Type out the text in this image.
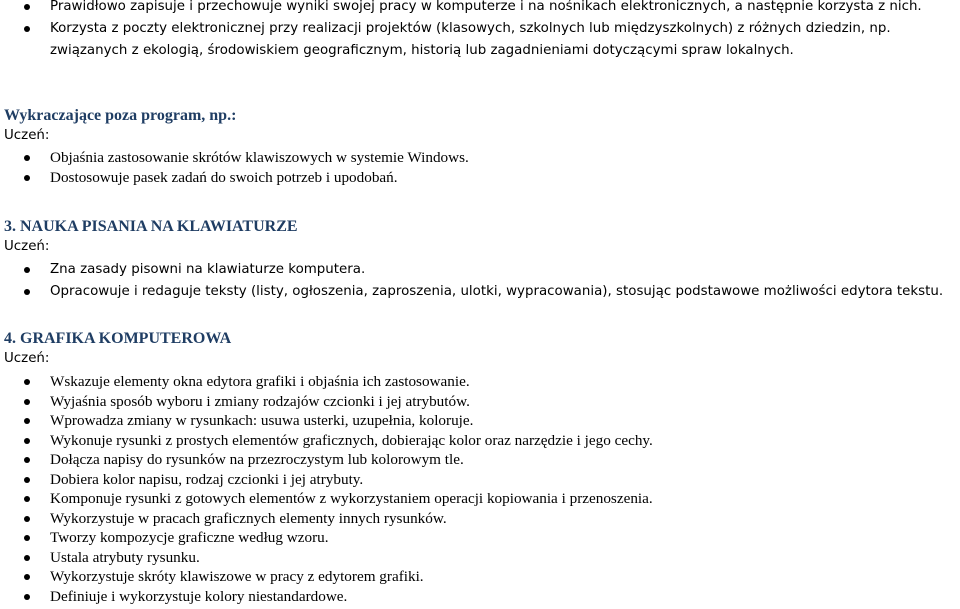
Prawidłowo zapisuje i przechowuje wyniki swojej pracy w komputerze i na nośnikach elektronicznych, a następnie korzysta z nich.
Korzysta z poczty elektronicznej przy realizacji projektów (klasowych, szkolnych lub międzyszkolnych) z różnych dziedzin, np. związanych z ekologią, środowiskiem geograficznym, historią lub zagadnieniami dotyczącymi spraw lokalnych.
Wykraczające poza program, np.:
Uczeń:
Objaśnia zastosowanie skrótów klawiszowych w systemie Windows.
Dostosowuje pasek zadań do swoich potrzeb i upodobań.
3. NAUKA PISANIA NA KLAWIATURZE
Uczeń:
Zna zasady pisowni na klawiaturze komputera.
Opracowuje i redaguje teksty (listy, ogłoszenia, zaproszenia, ulotki, wypracowania), stosując podstawowe możliwości edytora tekstu.
4. GRAFIKA KOMPUTEROWA
Uczeń:
Wskazuje elementy okna edytora grafiki i objaśnia ich zastosowanie.
Wyjaśnia sposób wyboru i zmiany rodzajów czcionki i jej atrybutów.
Wprowadza zmiany w rysunkach: usuwa usterki, uzupełnia, koloruje.
Wykonuje rysunki z prostych elementów graficznych, dobierając kolor oraz narzędzie i jego cechy.
Dołącza napisy do rysunków na przezroczystym lub kolorowym tle.
Dobiera kolor napisu, rodzaj czcionki i jej atrybuty.
Komponuje rysunki z gotowych elementów z wykorzystaniem operacji kopiowania i przenoszenia.
Wykorzystuje w pracach graficznych elementy innych rysunków.
Tworzy kompozycje graficzne według wzoru.
Ustala atrybuty rysunku.
Wykorzystuje skróty klawiszowe w pracy z edytorem grafiki.
Definiuje i wykorzystuje kolory niestandardowe.
